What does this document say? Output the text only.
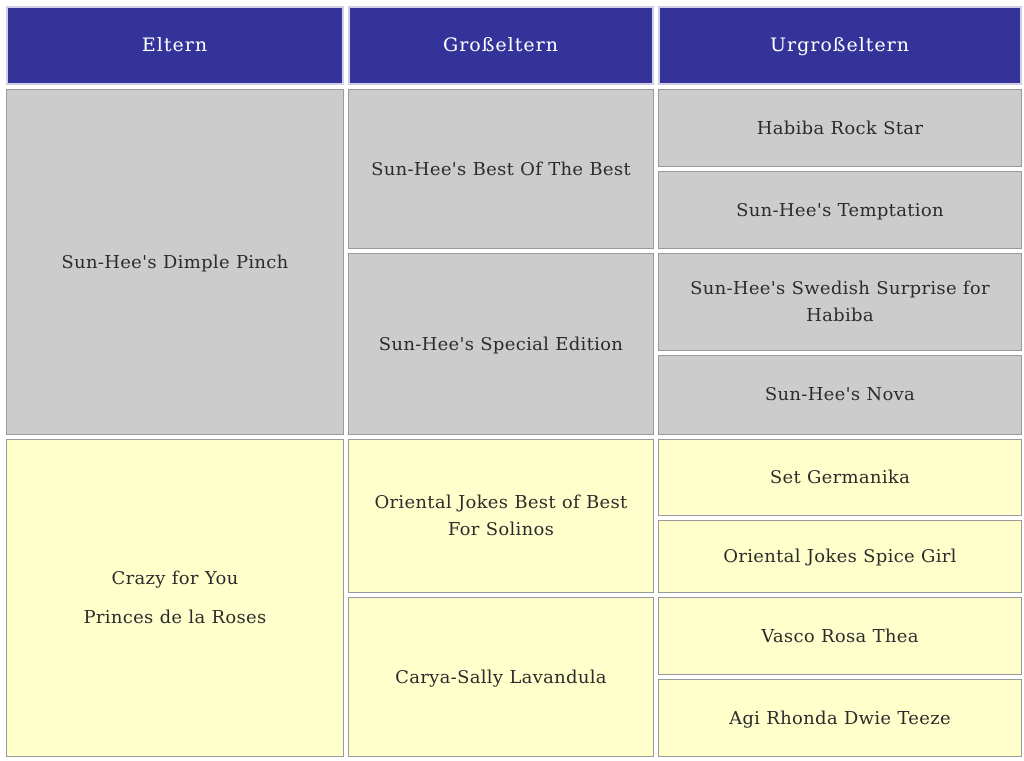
Eltern	Großeltern	Urgroßeltern
Sun-Hee's Dimple Pinch
Sun-Hee's Best Of The Best
Sun-Hee's Special Edition
Habiba Rock Star
Sun-Hee's Temptation
Sun-Hee's Swedish Surprise for Habiba
Sun-Hee's Nova

Crazy for You

Princes de la Roses

Oriental Jokes Best of Best For Solinos
Carya-Sally Lavandula
Set Germanika
Oriental Jokes Spice Girl
Vasco Rosa Thea
Agi Rhonda Dwie Teeze
